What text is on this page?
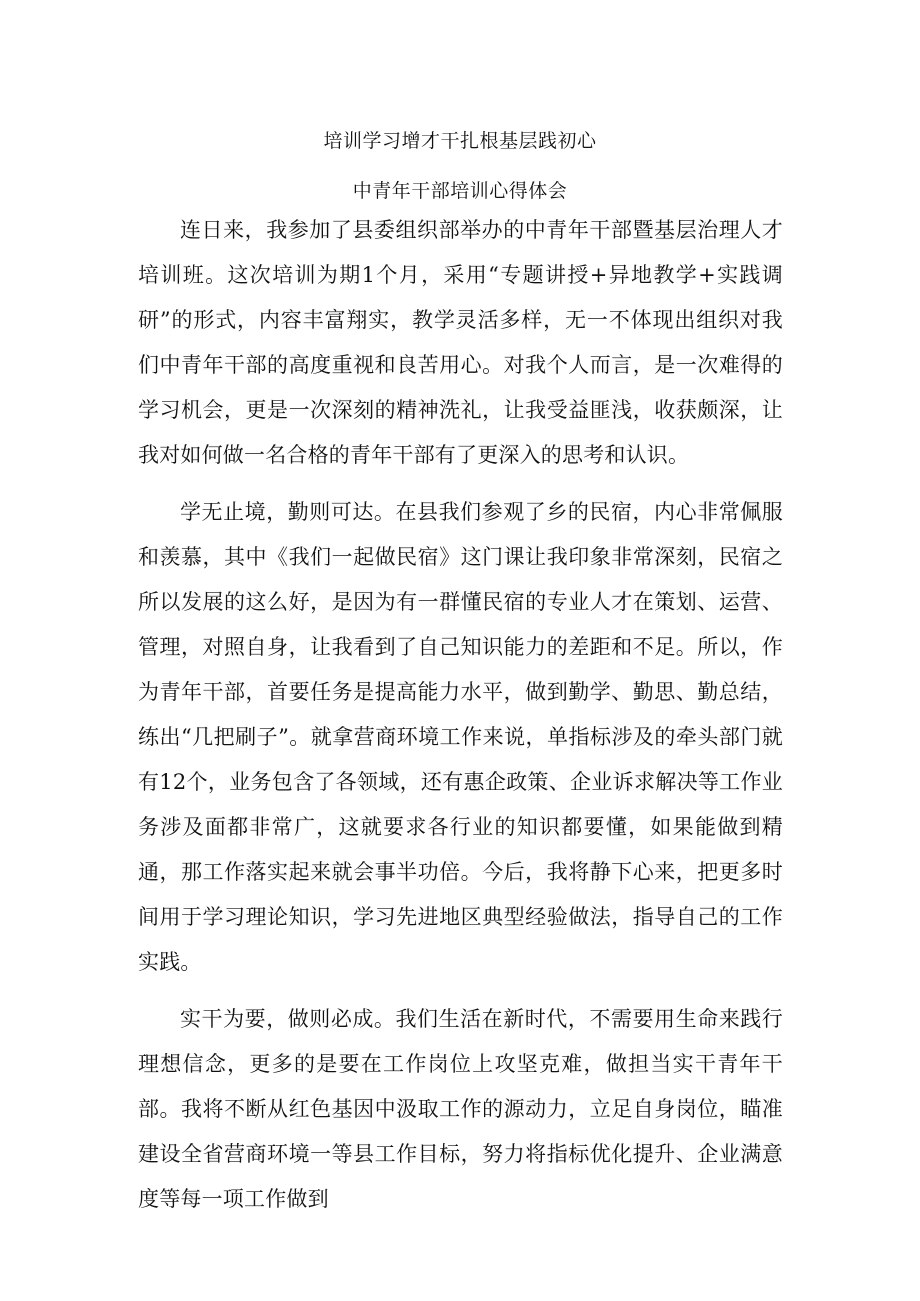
培训学习增才干扎根基层践初心
中青年干部培训心得体会

连日来，我参加了县委组织部举办的中青年干部暨基层治理人才培训班。这次培训为期1个月，采用“专题讲授+异地教学+实践调研”的形式，内容丰富翔实，教学灵活多样，无一不体现出组织对我们中青年干部的高度重视和良苦用心。对我个人而言，是一次难得的学习机会，更是一次深刻的精神洗礼，让我受益匪浅，收获颇深，让我对如何做一名合格的青年干部有了更深入的思考和认识。

学无止境，勤则可达。在县我们参观了乡的民宿，内心非常佩服和羡慕，其中《我们一起做民宿》这门课让我印象非常深刻，民宿之所以发展的这么好，是因为有一群懂民宿的专业人才在策划、运营、管理，对照自身，让我看到了自己知识能力的差距和不足。所以，作为青年干部，首要任务是提高能力水平，做到勤学、勤思、勤总结，练出“几把刷子”。就拿营商环境工作来说，单指标涉及的牵头部门就有12个，业务包含了各领域，还有惠企政策、企业诉求解决等工作业务涉及面都非常广，这就要求各行业的知识都要懂，如果能做到精通，那工作落实起来就会事半功倍。今后，我将静下心来，把更多时间用于学习理论知识，学习先进地区典型经验做法，指导自己的工作实践。

实干为要，做则必成。我们生活在新时代，不需要用生命来践行理想信念，更多的是要在工作岗位上攻坚克难，做担当实干青年干部。我将不断从红色基因中汲取工作的源动力，立足自身岗位，瞄准建设全省营商环境一等县工作目标，努力将指标优化提升、企业满意度等每一项工作做到
